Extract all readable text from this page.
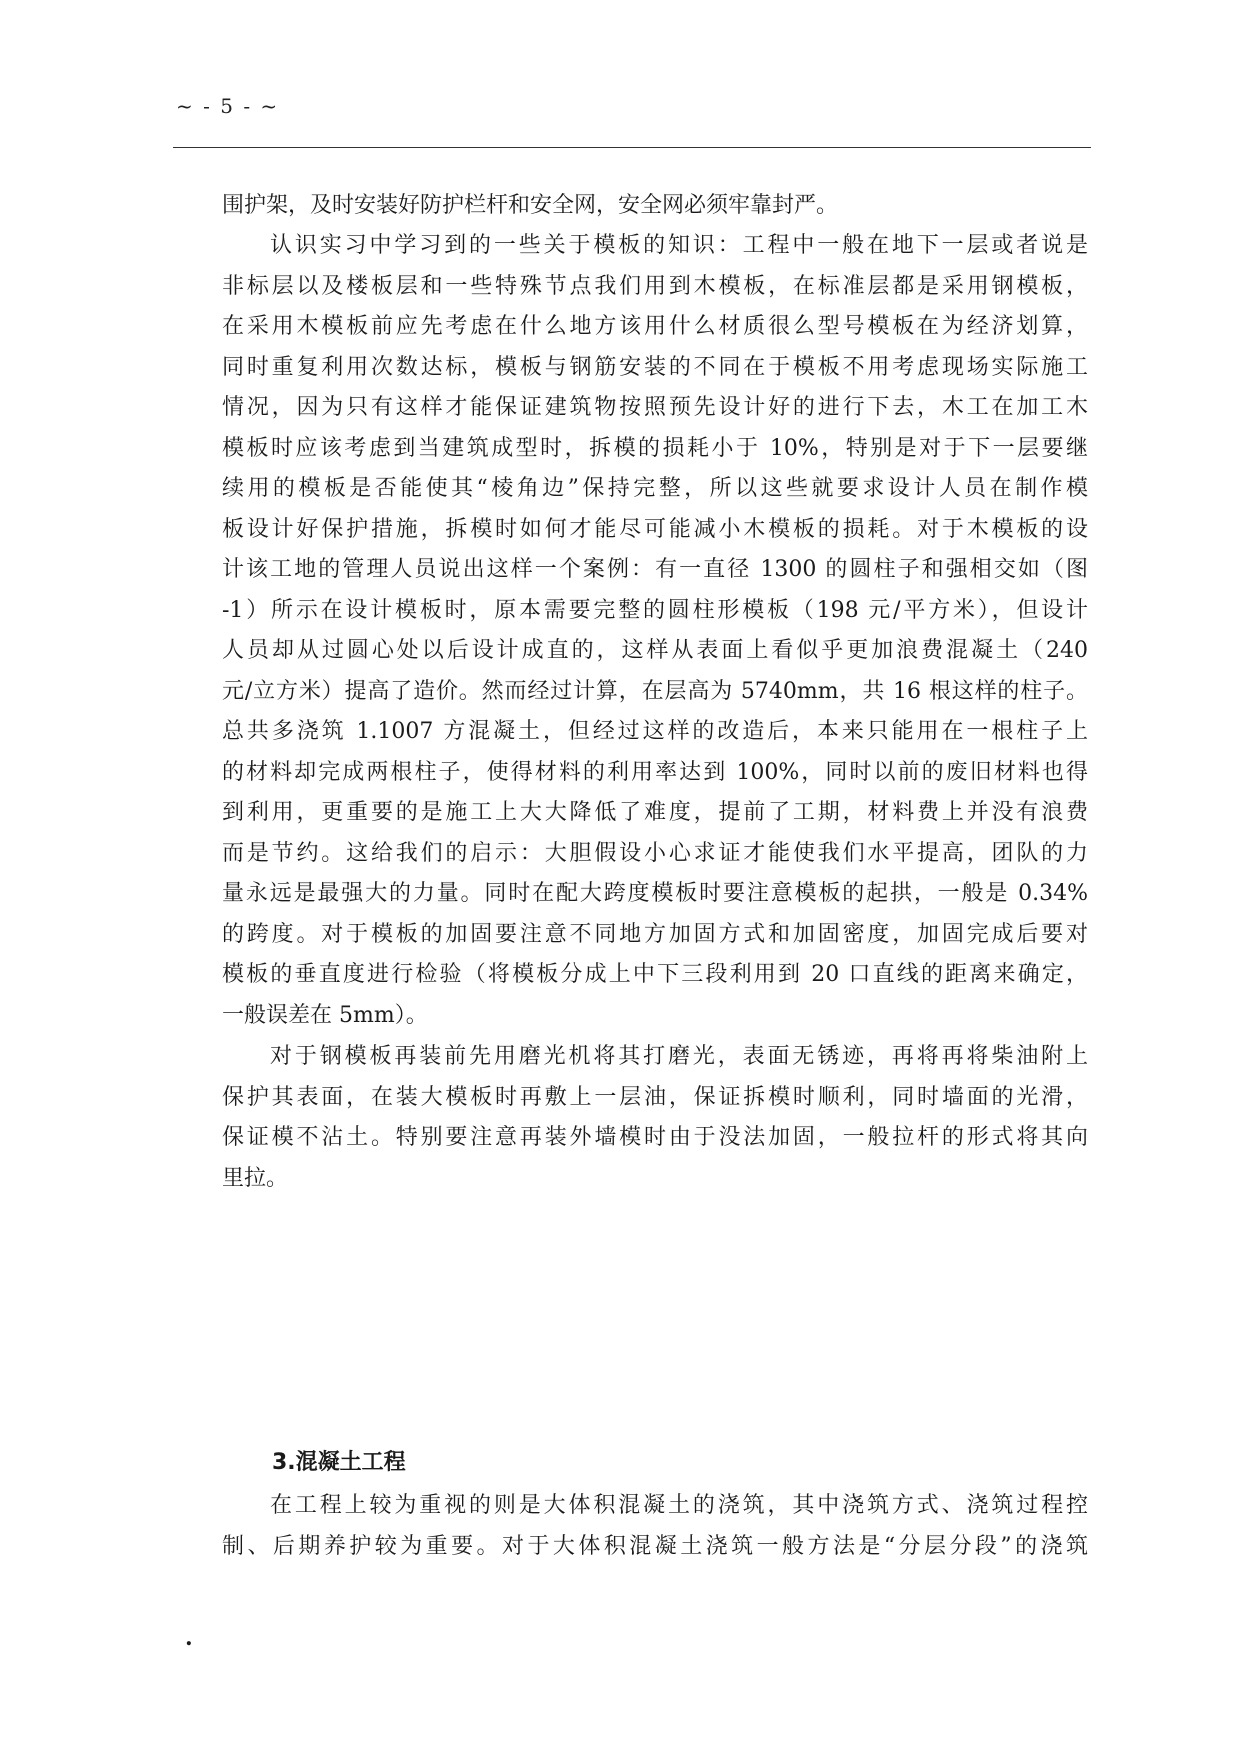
~ - 5 - ~
围护架，及时安装好防护栏杆和安全网，安全网必须牢靠封严。
认识实习中学习到的一些关于模板的知识：工程中一般在地下一层或者说是
非标层以及楼板层和一些特殊节点我们用到木模板，在标准层都是采用钢模板，
在采用木模板前应先考虑在什么地方该用什么材质很么型号模板在为经济划算，
同时重复利用次数达标，模板与钢筋安装的不同在于模板不用考虑现场实际施工
情况，因为只有这样才能保证建筑物按照预先设计好的进行下去，木工在加工木
模板时应该考虑到当建筑成型时，拆模的损耗小于 10%，特别是对于下一层要继
续用的模板是否能使其“棱角边”保持完整，所以这些就要求设计人员在制作模
板设计好保护措施，拆模时如何才能尽可能减小木模板的损耗。对于木模板的设
计该工地的管理人员说出这样一个案例：有一直径 1300 的圆柱子和强相交如（图
-1）所示在设计模板时，原本需要完整的圆柱形模板（198 元/平方米），但设计
人员却从过圆心处以后设计成直的，这样从表面上看似乎更加浪费混凝土（240
元/立方米）提高了造价。然而经过计算，在层高为 5740mm，共 16 根这样的柱子。
总共多浇筑 1.1007 方混凝土，但经过这样的改造后，本来只能用在一根柱子上
的材料却完成两根柱子，使得材料的利用率达到 100%，同时以前的废旧材料也得
到利用，更重要的是施工上大大降低了难度，提前了工期，材料费上并没有浪费
而是节约。这给我们的启示：大胆假设小心求证才能使我们水平提高，团队的力
量永远是最强大的力量。同时在配大跨度模板时要注意模板的起拱，一般是 0.34%
的跨度。对于模板的加固要注意不同地方加固方式和加固密度，加固完成后要对
模板的垂直度进行检验（将模板分成上中下三段利用到 20 口直线的距离来确定，
一般误差在 5mm）。
对于钢模板再装前先用磨光机将其打磨光，表面无锈迹，再将再将柴油附上
保护其表面，在装大模板时再敷上一层油，保证拆模时顺利，同时墙面的光滑，
保证模不沾土。特别要注意再装外墙模时由于没法加固，一般拉杆的形式将其向
里拉。
3.混凝土工程
在工程上较为重视的则是大体积混凝土的浇筑，其中浇筑方式、浇筑过程控
制、后期养护较为重要。对于大体积混凝土浇筑一般方法是“分层分段”的浇筑
.
